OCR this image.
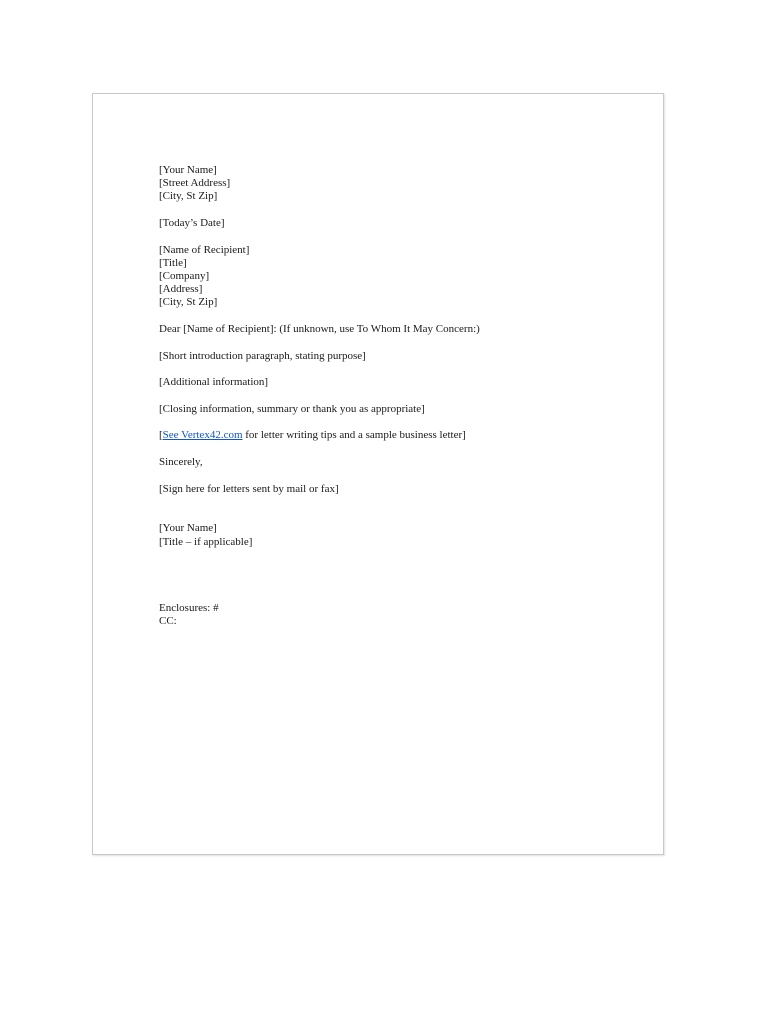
[Your Name]
[Street Address]
[City, St Zip]
[Today’s Date]
[Name of Recipient]
[Title]
[Company]
[Address]
[City, St Zip]
Dear [Name of Recipient]: (If unknown, use To Whom It May Concern:)
[Short introduction paragraph, stating purpose]
[Additional information]
[Closing information, summary or thank you as appropriate]
[See Vertex42.com for letter writing tips and a sample business letter]
Sincerely,
[Sign here for letters sent by mail or fax]
[Your Name]
[Title – if applicable]
Enclosures: #
CC:
